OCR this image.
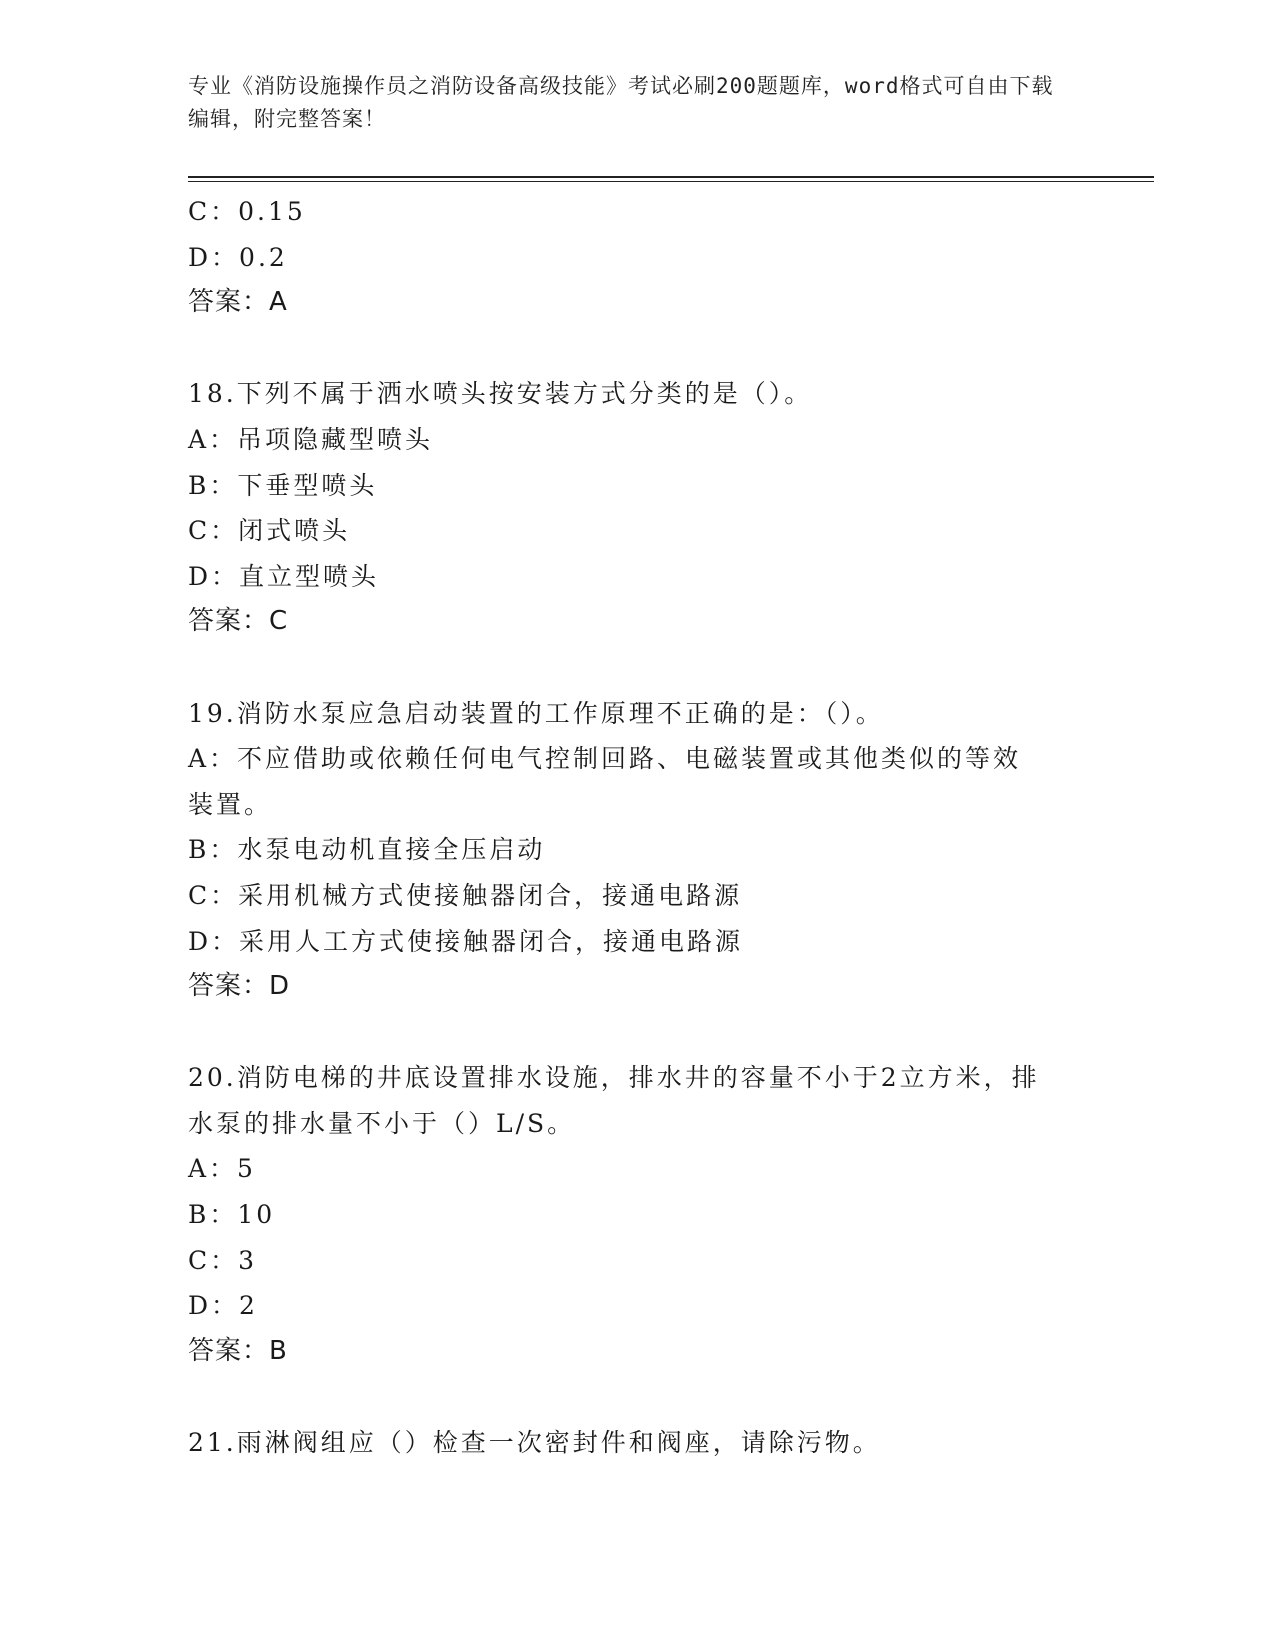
专业《消防设施操作员之消防设备高级技能》考试必刷200题题库，word格式可自由下载编辑，附完整答案！
C：0.15
D：0.2
答案：A
18.下列不属于洒水喷头按安装方式分类的是（）。
A：吊项隐藏型喷头
B：下垂型喷头
C：闭式喷头
D：直立型喷头
答案：C
19.消防水泵应急启动装置的工作原理不正确的是：（）。
A：不应借助或依赖任何电气控制回路、电磁装置或其他类似的等效装置。
B：水泵电动机直接全压启动
C：采用机械方式使接触器闭合，接通电路源
D：采用人工方式使接触器闭合，接通电路源
答案：D
20.消防电梯的井底设置排水设施，排水井的容量不小于2立方米，排水泵的排水量不小于（）L/S。
A：5
B：10
C：3
D：2
答案：B
21.雨淋阀组应（）检查一次密封件和阀座，请除污物。
